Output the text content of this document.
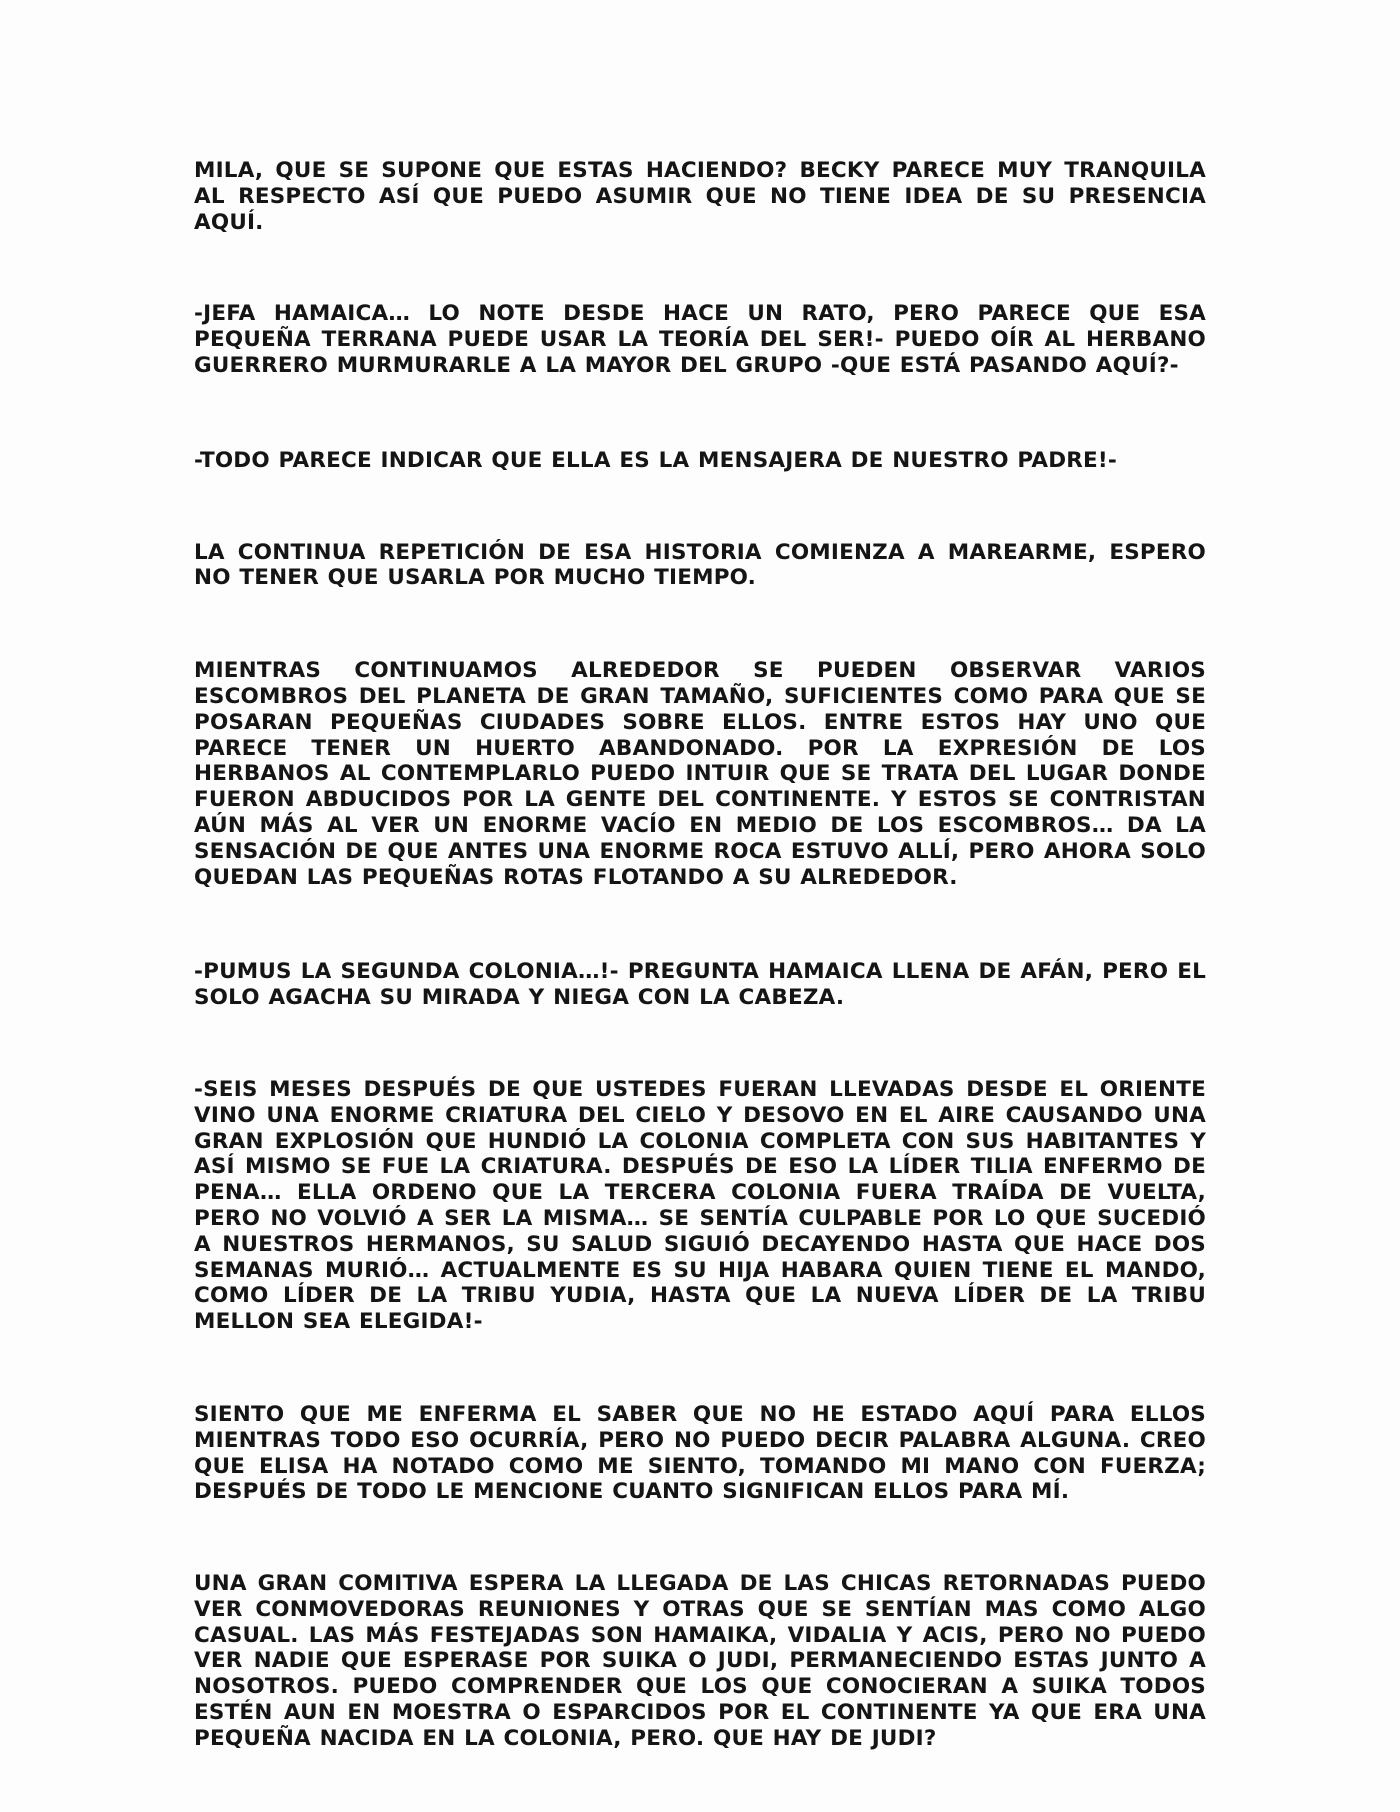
MILA, QUE SE SUPONE QUE ESTAS HACIENDO? BECKY PARECE MUY TRANQUILA AL RESPECTO ASÍ QUE PUEDO ASUMIR QUE NO TIENE IDEA DE SU PRESENCIA AQUÍ.

-JEFA HAMAICA… LO NOTE DESDE HACE UN RATO, PERO PARECE QUE ESA PEQUEÑA TERRANA PUEDE USAR LA TEORÍA DEL SER!- PUEDO OÍR AL HERBANO GUERRERO MURMURARLE A LA MAYOR DEL GRUPO -QUE ESTÁ PASANDO AQUÍ?-

-TODO PARECE INDICAR QUE ELLA ES LA MENSAJERA DE NUESTRO PADRE!-

LA CONTINUA REPETICIÓN DE ESA HISTORIA COMIENZA A MAREARME, ESPERO NO TENER QUE USARLA POR MUCHO TIEMPO.

MIENTRAS CONTINUAMOS ALREDEDOR SE PUEDEN OBSERVAR VARIOS ESCOMBROS DEL PLANETA DE GRAN TAMAÑO, SUFICIENTES COMO PARA QUE SE POSARAN PEQUEÑAS CIUDADES SOBRE ELLOS. ENTRE ESTOS HAY UNO QUE PARECE TENER UN HUERTO ABANDONADO. POR LA EXPRESIÓN DE LOS HERBANOS AL CONTEMPLARLO PUEDO INTUIR QUE SE TRATA DEL LUGAR DONDE FUERON ABDUCIDOS POR LA GENTE DEL CONTINENTE. Y ESTOS SE CONTRISTAN AÚN MÁS AL VER UN ENORME VACÍO EN MEDIO DE LOS ESCOMBROS… DA LA SENSACIÓN DE QUE ANTES UNA ENORME ROCA ESTUVO ALLÍ, PERO AHORA SOLO QUEDAN LAS PEQUEÑAS ROTAS FLOTANDO A SU ALREDEDOR.

-PUMUS LA SEGUNDA COLONIA…!- PREGUNTA HAMAICA LLENA DE AFÁN, PERO EL SOLO AGACHA SU MIRADA Y NIEGA CON LA CABEZA.

-SEIS MESES DESPUÉS DE QUE USTEDES FUERAN LLEVADAS DESDE EL ORIENTE VINO UNA ENORME CRIATURA DEL CIELO Y DESOVO EN EL AIRE CAUSANDO UNA GRAN EXPLOSIÓN QUE HUNDIÓ LA COLONIA COMPLETA CON SUS HABITANTES Y ASÍ MISMO SE FUE LA CRIATURA. DESPUÉS DE ESO LA LÍDER TILIA ENFERMO DE PENA… ELLA ORDENO QUE LA TERCERA COLONIA FUERA TRAÍDA DE VUELTA, PERO NO VOLVIÓ A SER LA MISMA… SE SENTÍA CULPABLE POR LO QUE SUCEDIÓ A NUESTROS HERMANOS, SU SALUD SIGUIÓ DECAYENDO HASTA QUE HACE DOS SEMANAS MURIÓ… ACTUALMENTE ES SU HIJA HABARA QUIEN TIENE EL MANDO, COMO LÍDER DE LA TRIBU YUDIA, HASTA QUE LA NUEVA LÍDER DE LA TRIBU MELLON SEA ELEGIDA!-

SIENTO QUE ME ENFERMA EL SABER QUE NO HE ESTADO AQUÍ PARA ELLOS MIENTRAS TODO ESO OCURRÍA, PERO NO PUEDO DECIR PALABRA ALGUNA. CREO QUE ELISA HA NOTADO COMO ME SIENTO, TOMANDO MI MANO CON FUERZA; DESPUÉS DE TODO LE MENCIONE CUANTO SIGNIFICAN ELLOS PARA MÍ.

UNA GRAN COMITIVA ESPERA LA LLEGADA DE LAS CHICAS RETORNADAS PUEDO VER CONMOVEDORAS REUNIONES Y OTRAS QUE SE SENTÍAN MAS COMO ALGO CASUAL. LAS MÁS FESTEJADAS SON HAMAIKA, VIDALIA Y ACIS, PERO NO PUEDO VER NADIE QUE ESPERASE POR SUIKA O JUDI, PERMANECIENDO ESTAS JUNTO A NOSOTROS. PUEDO COMPRENDER QUE LOS QUE CONOCIERAN A SUIKA TODOS ESTÉN AUN EN MOESTRA O ESPARCIDOS POR EL CONTINENTE YA QUE ERA UNA PEQUEÑA NACIDA EN LA COLONIA, PERO. QUE HAY DE JUDI?
